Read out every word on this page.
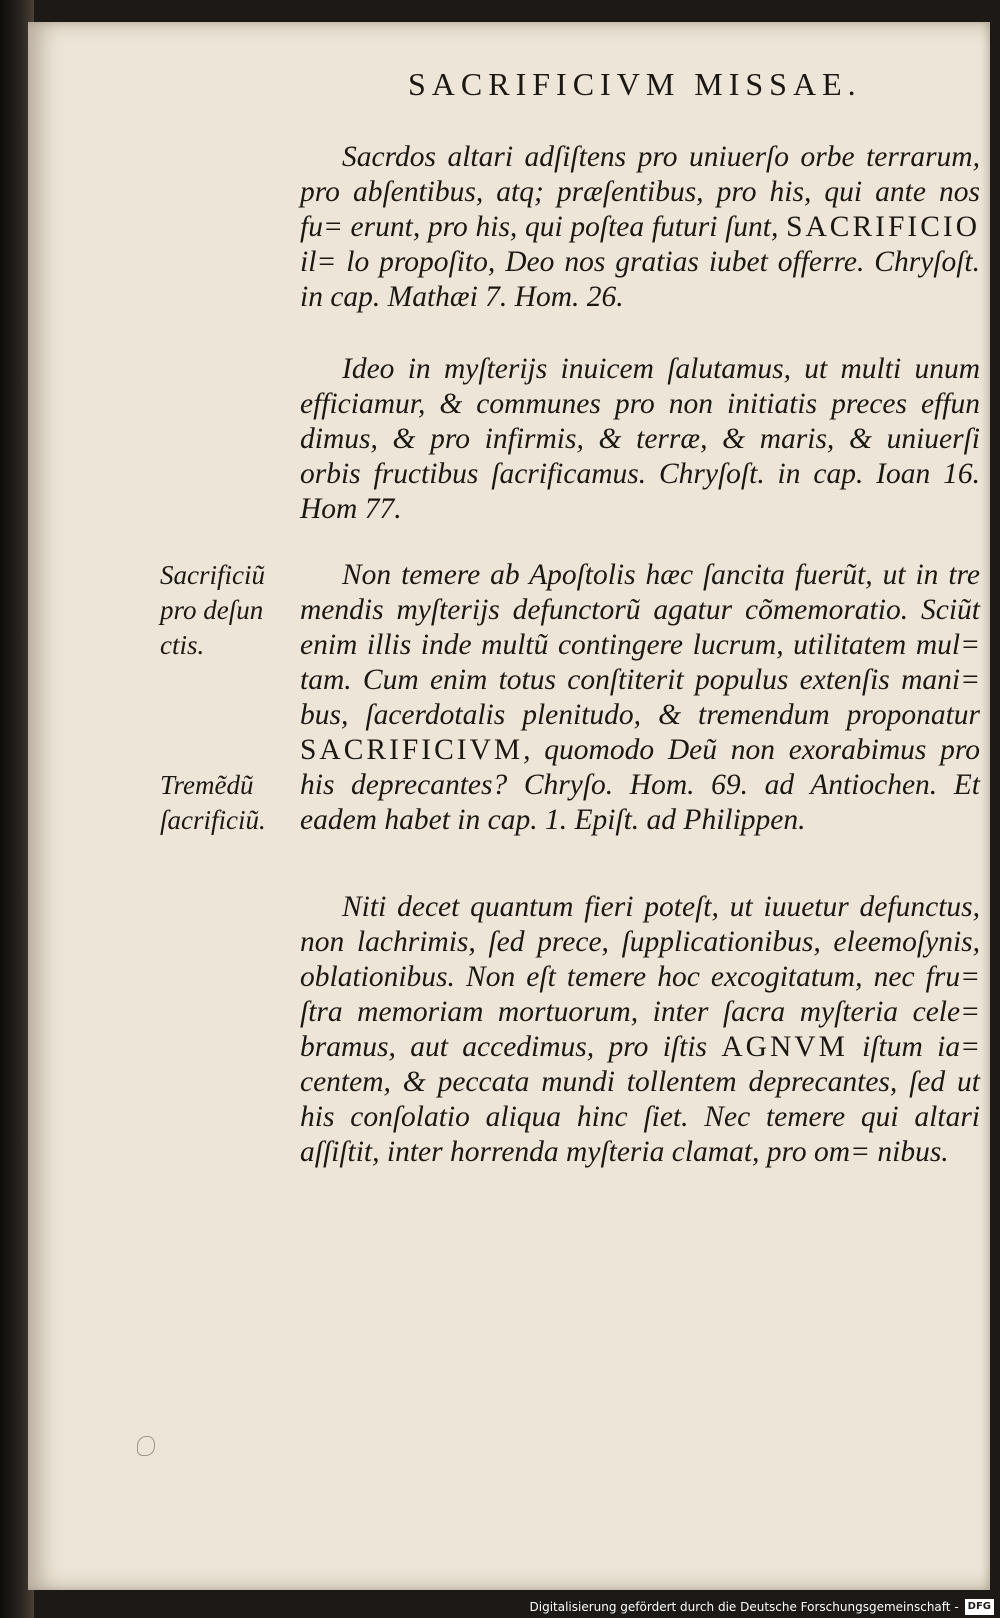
SACRIFICIVM MISSAE.

Sacrdos altari adſiſtens pro uniuerſo orbe terrarum, pro abſentibus, atq; præſentibus, pro his, qui ante nos fu= erunt, pro his, qui poſtea futuri ſunt, SACRIFICIO il= lo propoſito, Deo nos gratias iubet offerre. Chryſoſt. in cap. Mathæi 7. Hom. 26.

Ideo in myſterijs inuicem ſalutamus, ut multi unum efficiamur, & communes pro non initiatis preces effun dimus, & pro infirmis, & terræ, & maris, & uniuerſi orbis fructibus ſacrificamus. Chryſoſt. in cap. Ioan 16. Hom 77.

Sacrificiũ pro deſun ctis.

Non temere ab Apoſtolis hæc ſancita fuerũt, ut in tre mendis myſterijs defunctorũ agatur cõmemoratio. Sciũt enim illis inde multũ contingere lucrum, utilitatem mul= tam. Cum enim totus conſtiterit populus extenſis mani= bus, ſacerdotalis plenitudo, & tremendum proponatur SACRIFICIVM, quomodo Deũ non exorabimus pro his deprecantes? Chryſo. Hom. 69. ad Antiochen. Et eadem habet in cap. 1. Epiſt. ad Philippen.

Tremẽdũ ſacrificiũ.

Niti decet quantum fieri poteſt, ut iuuetur defunctus, non lachrimis, ſed prece, ſupplicationibus, eleemoſynis, oblationibus. Non eſt temere hoc excogitatum, nec fru= ſtra memoriam mortuorum, inter ſacra myſteria cele= bramus, aut accedimus, pro iſtis AGNVM iſtum ia= centem, & peccata mundi tollentem deprecantes, ſed ut his conſolatio aliqua hinc ſiet. Nec temere qui altari aſſiſtit, inter horrenda myſteria clamat, pro om= nibus.

Digitalisierung gefördert durch die Deutsche Forschungsgemeinschaft - DFG
